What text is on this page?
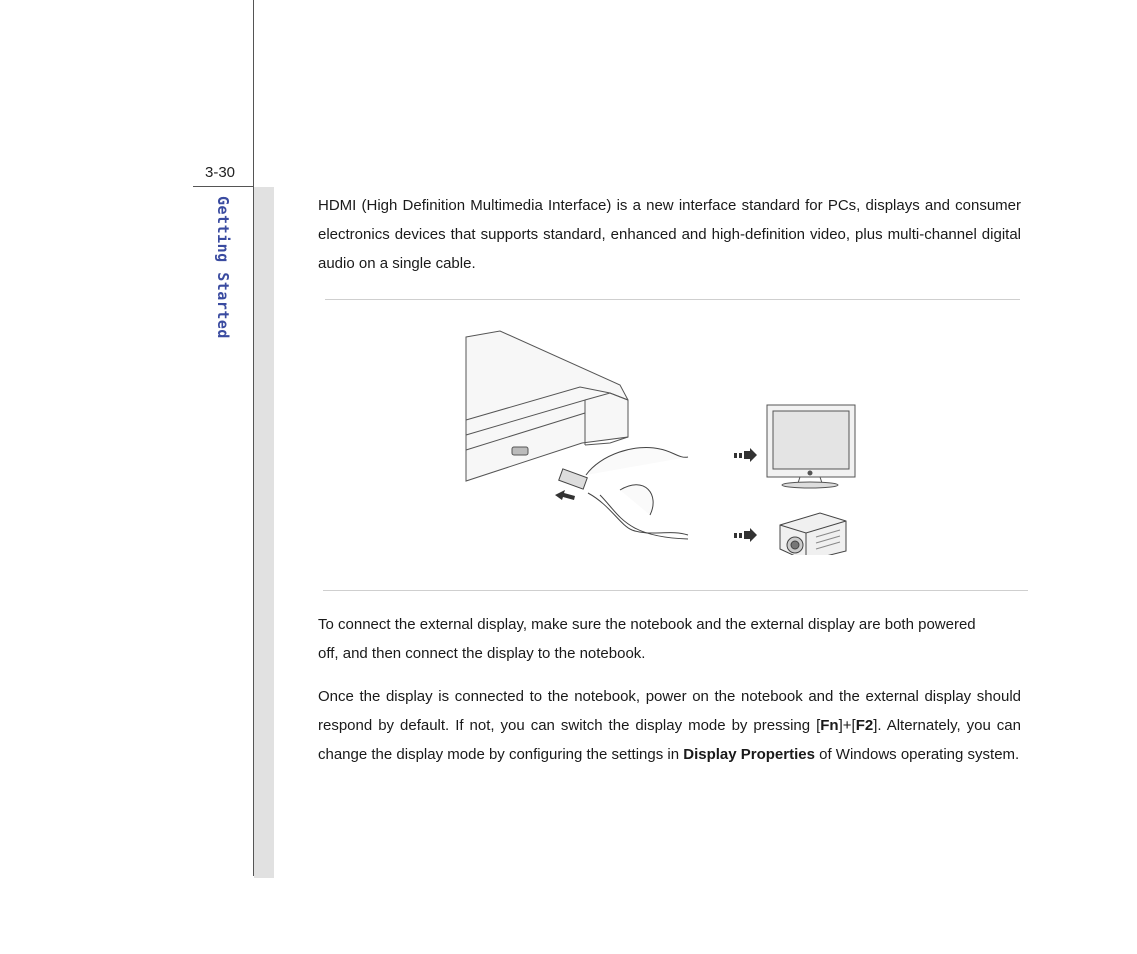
3-30
Getting Started	HDMI (High Definition Multimedia Interface) is a new interface standard for PCs, displays and consumer electronics devices that supports standard, enhanced and high-definition video, plus multi-channel digital audio on a single cable.

To connect the external display, make sure the notebook and the external display are both powered off, and then connect the display to the notebook.

Once the display is connected to the notebook, power on the notebook and the external display should respond by default. If not, you can switch the display mode by pressing [Fn]+[F2]. Alternately, you can change the display mode by configuring the settings in Display Properties of Windows operating system.
